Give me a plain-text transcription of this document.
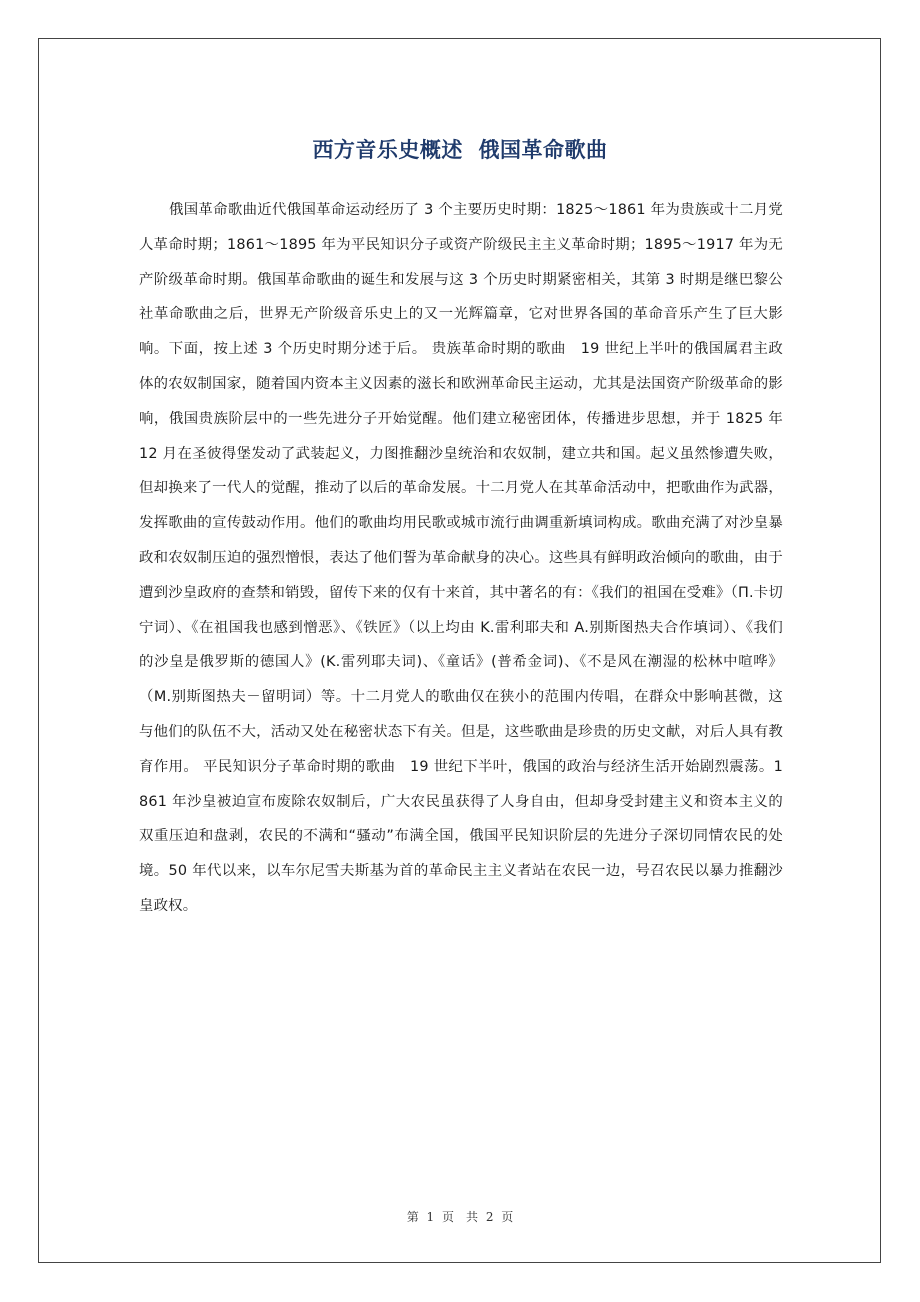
西方音乐史概述  俄国革命歌曲

俄国革命歌曲近代俄国革命运动经历了 3 个主要历史时期：1825～1861 年为贵族或十二月党人革命时期；1861～1895 年为平民知识分子或资产阶级民主主义革命时期；1895～1917 年为无产阶级革命时期。俄国革命歌曲的诞生和发展与这 3 个历史时期紧密相关，其第 3 时期是继巴黎公社革命歌曲之后，世界无产阶级音乐史上的又一光辉篇章，它对世界各国的革命音乐产生了巨大影响。下面，按上述 3 个历史时期分述于后。 贵族革命时期的歌曲　19 世纪上半叶的俄国属君主政体的农奴制国家，随着国内资本主义因素的滋长和欧洲革命民主运动，尤其是法国资产阶级革命的影响，俄国贵族阶层中的一些先进分子开始觉醒。他们建立秘密团体，传播进步思想，并于 1825 年 12 月在圣彼得堡发动了武装起义，力图推翻沙皇统治和农奴制，建立共和国。起义虽然惨遭失败，但却换来了一代人的觉醒，推动了以后的革命发展。十二月党人在其革命活动中，把歌曲作为武器，发挥歌曲的宣传鼓动作用。他们的歌曲均用民歌或城市流行曲调重新填词构成。歌曲充满了对沙皇暴政和农奴制压迫的强烈憎恨，表达了他们誓为革命献身的决心。这些具有鲜明政治倾向的歌曲，由于遭到沙皇政府的查禁和销毁，留传下来的仅有十来首，其中著名的有：《我们的祖国在受难》（П.卡切宁词）、《在祖国我也感到憎恶》、《铁匠》（以上均由 K.雷利耶夫和 A.别斯图热夫合作填词）、《我们的沙皇是俄罗斯的德国人》(K.雷列耶夫词)、《童话》(普希金词)、《不是风在潮湿的松林中喧哗》（M.别斯图热夫－留明词）等。十二月党人的歌曲仅在狭小的范围内传唱，在群众中影响甚微，这与他们的队伍不大，活动又处在秘密状态下有关。但是，这些歌曲是珍贵的历史文献，对后人具有教育作用。 平民知识分子革命时期的歌曲　19 世纪下半叶，俄国的政治与经济生活开始剧烈震荡。1861 年沙皇被迫宣布废除农奴制后，广大农民虽获得了人身自由，但却身受封建主义和资本主义的双重压迫和盘剥，农民的不满和“骚动”布满全国，俄国平民知识阶层的先进分子深切同情农民的处境。50 年代以来，以车尔尼雪夫斯基为首的革命民主主义者站在农民一边，号召农民以暴力推翻沙皇政权。

第 1 页　共 2 页
